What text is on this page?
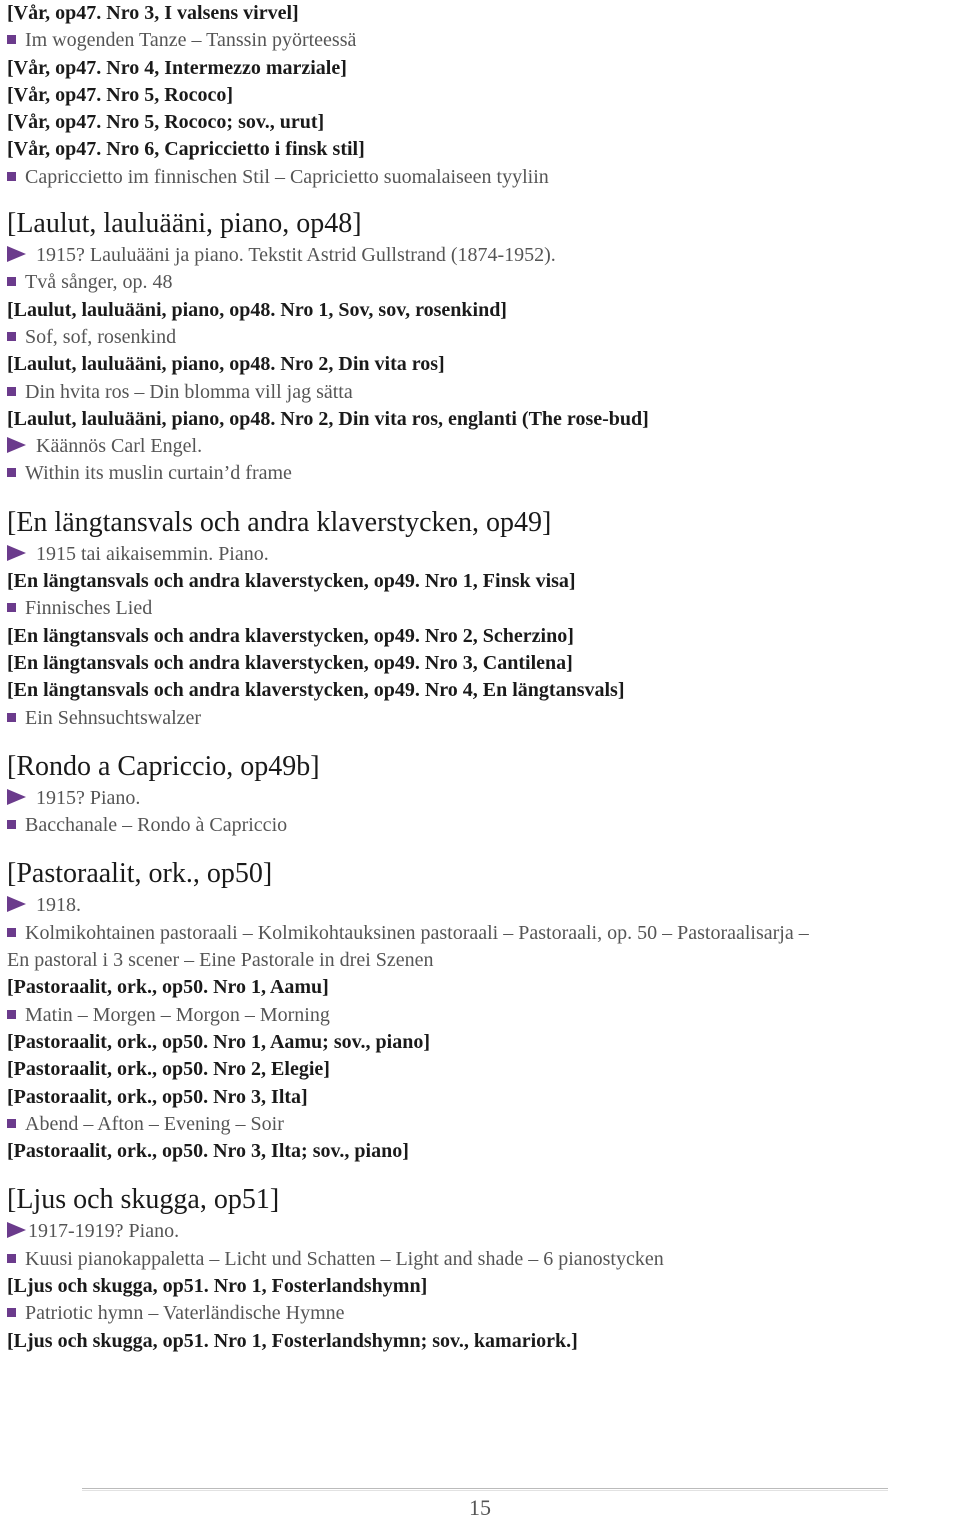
[Vår, op47. Nro 3, I valsens virvel]
Im wogenden Tanze – Tanssin pyörteessä
[Vår, op47. Nro 4, Intermezzo marziale]
[Vår, op47. Nro 5, Rococo]
[Vår, op47. Nro 5, Rococo; sov., urut]
[Vår, op47. Nro 6, Capriccietto i finsk stil]
Capriccietto im finnischen Stil – Capricietto suomalaiseen tyyliin
[Laulut, lauluääni, piano, op48]
1915? Lauluääni ja piano. Tekstit Astrid Gullstrand (1874-1952).
Två sånger, op. 48
[Laulut, lauluääni, piano, op48. Nro 1, Sov, sov, rosenkind]
Sof, sof, rosenkind
[Laulut, lauluääni, piano, op48. Nro 2, Din vita ros]
Din hvita ros – Din blomma vill jag sätta
[Laulut, lauluääni, piano, op48. Nro 2, Din vita ros, englanti (The rose-bud]
Käännös Carl Engel.
Within its muslin curtain’d frame
[En längtansvals och andra klaverstycken, op49]
1915 tai aikaisemmin. Piano.
[En längtansvals och andra klaverstycken, op49. Nro 1, Finsk visa]
Finnisches Lied
[En längtansvals och andra klaverstycken, op49. Nro 2, Scherzino]
[En längtansvals och andra klaverstycken, op49. Nro 3, Cantilena]
[En längtansvals och andra klaverstycken, op49. Nro 4, En längtansvals]
Ein Sehnsuchtswalzer
[Rondo a Capriccio, op49b]
1915? Piano.
Bacchanale – Rondo à Capriccio
[Pastoraalit, ork., op50]
1918.
Kolmikohtainen pastoraali – Kolmikohtauksinen pastoraali – Pastoraali, op. 50 – Pastoraalisarja –
En pastoral i 3 scener – Eine Pastorale in drei Szenen
[Pastoraalit, ork., op50. Nro 1, Aamu]
Matin – Morgen – Morgon – Morning
[Pastoraalit, ork., op50. Nro 1, Aamu; sov., piano]
[Pastoraalit, ork., op50. Nro 2, Elegie]
[Pastoraalit, ork., op50. Nro 3, Ilta]
Abend – Afton – Evening – Soir
[Pastoraalit, ork., op50. Nro 3, Ilta; sov., piano]
[Ljus och skugga, op51]
1917-1919? Piano.
Kuusi pianokappaletta – Licht und Schatten – Light and shade – 6 pianostycken
[Ljus och skugga, op51. Nro 1, Fosterlandshymn]
Patriotic hymn – Vaterländische Hymne
[Ljus och skugga, op51. Nro 1, Fosterlandshymn; sov., kamariork.]
15
